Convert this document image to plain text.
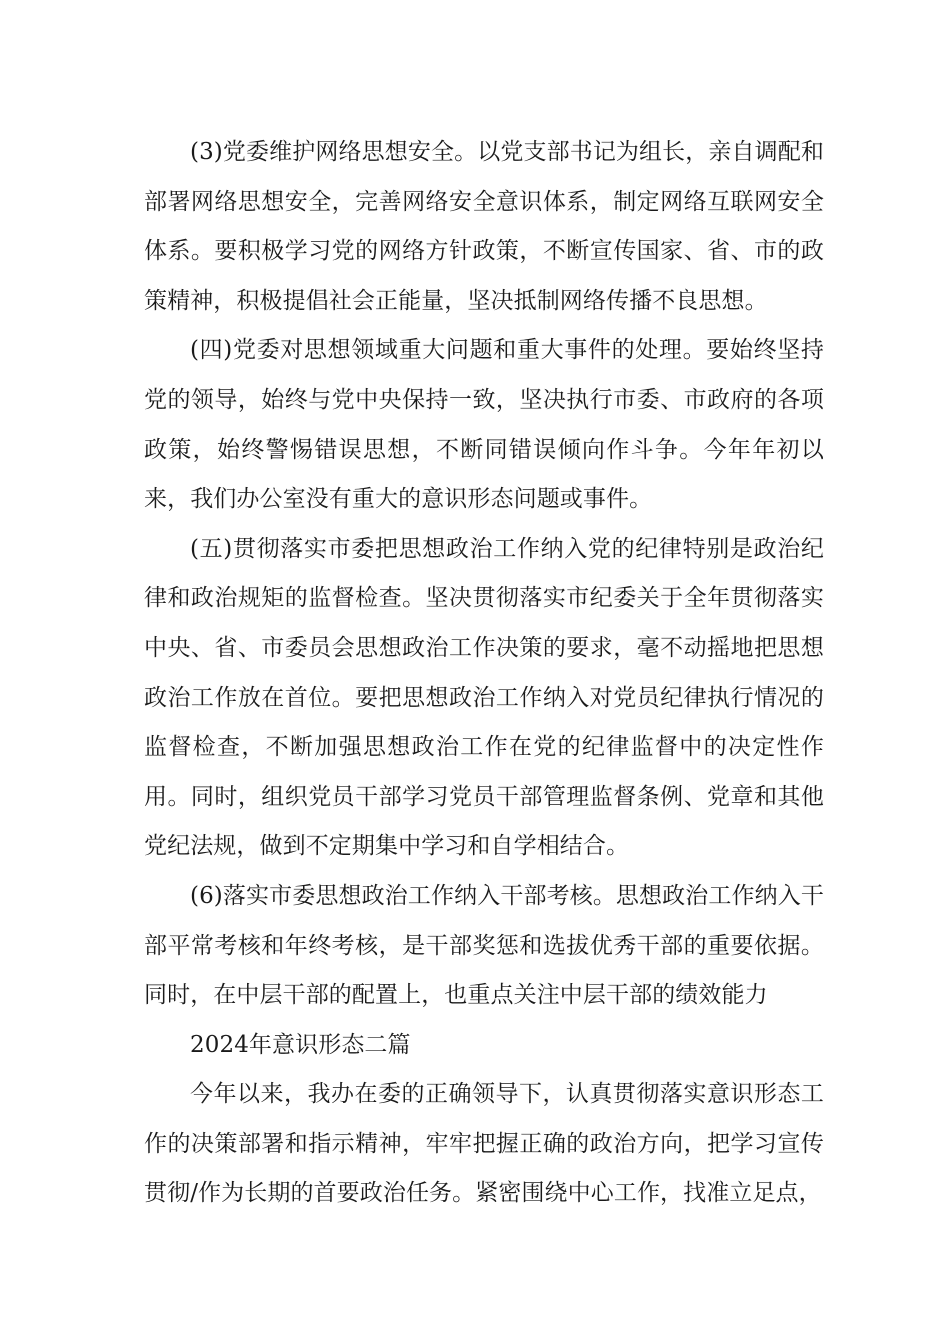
(3)党委维护网络思想安全。以党支部书记为组长，亲自调配和部署网络思想安全，完善网络安全意识体系，制定网络互联网安全体系。要积极学习党的网络方针政策，不断宣传国家、省、市的政策精神，积极提倡社会正能量，坚决抵制网络传播不良思想。

(四)党委对思想领域重大问题和重大事件的处理。要始终坚持党的领导，始终与党中央保持一致，坚决执行市委、市政府的各项政策，始终警惕错误思想，不断同错误倾向作斗争。今年年初以来，我们办公室没有重大的意识形态问题或事件。

(五)贯彻落实市委把思想政治工作纳入党的纪律特别是政治纪律和政治规矩的监督检查。坚决贯彻落实市纪委关于全年贯彻落实中央、省、市委员会思想政治工作决策的要求，毫不动摇地把思想政治工作放在首位。要把思想政治工作纳入对党员纪律执行情况的监督检查，不断加强思想政治工作在党的纪律监督中的决定性作用。同时，组织党员干部学习党员干部管理监督条例、党章和其他党纪法规，做到不定期集中学习和自学相结合。

(6)落实市委思想政治工作纳入干部考核。思想政治工作纳入干部平常考核和年终考核，是干部奖惩和选拔优秀干部的重要依据。同时，在中层干部的配置上，也重点关注中层干部的绩效能力

2024年意识形态二篇

今年以来，我办在委的正确领导下，认真贯彻落实意识形态工作的决策部署和指示精神，牢牢把握正确的政治方向，把学习宣传贯彻/作为长期的首要政治任务。紧密围绕中心工作，找准立足点，
